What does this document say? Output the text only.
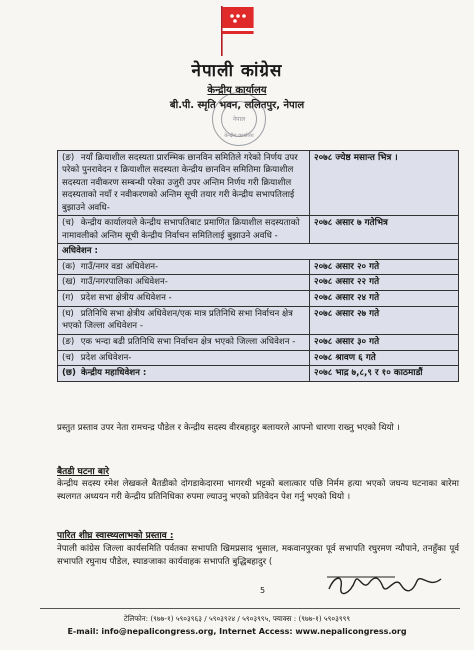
नेपाली कांग्रेस
केन्द्रीय कार्यालय
बी.पी. स्मृति भवन, ललितपुर, नेपाल
नेपाल
केन्द्रीय कार्यालय
(ङ) नयाँ क्रियाशील सदस्यता प्रारम्भिक छानविन समितिले गरेको निर्णय उपर परेको पुनरावेदन र क्रियाशील सदस्यता केन्द्रीय छानविन समितिमा क्रियाशील सदस्यता नवीकरण सम्बन्धी परेका उजुरी उपर अन्तिम निर्णय गरी क्रियाशील सदस्यताको नयाँ र नवीकरणको अन्तिम सूची तयार गरी केन्द्रीय सभापतिलाई बुझाउने अवधि-	२०७८ ज्येष्ठ मसान्त भित्र ।
(च) केन्द्रीय कार्यालयले केन्द्रीय सभापतिबाट प्रमाणित क्रियाशील सदस्यताको नामावलीको अन्तिम सूची केन्द्रीय निर्वाचन समितिलाई बुझाउने अवधि -	२०७८ असार ७ गतेभित्र
अधिवेशन :	
(क) गाउँ/नगर वडा अधिवेशन-	२०७८ असार २० गते
(ख) गाउँ/नगरपालिका अधिवेशन-	२०७८ असार २२ गते
(ग) प्रदेश सभा क्षेत्रीय अधिवेशन -	२०७८ असार २४ गते
(घ) प्रतिनिधि सभा क्षेत्रीय अधिवेशन/एक मात्र प्रतिनिधि सभा निर्वाचन क्षेत्र भएको जिल्ला अधिवेशन -	२०७८ असार २७ गते
(ङ) एक भन्दा बढी प्रतिनिधि सभा निर्वाचन क्षेत्र भएको जिल्ला अधिवेशन -	२०७८ असार ३० गते
(च) प्रदेश अधिवेशन-	२०७८ श्रावण ६ गते
(छ) केन्द्रीय महाधिवेशन :	२०७८ भाद्र ७,८,९ र १० काठमाडौं
प्रस्तुत प्रस्ताव उपर नेता रामचन्द्र पौडेल र केन्द्रीय सदस्य वीरबहादुर बलायरले आफ्नो धारणा राख्नु भएको थियो ।
बैतडी घटना बारे
केन्द्रीय सदस्य रमेश लेखकले बैतडीको दोगडाकेदारमा भागरथी भट्टको बलात्कार पछि निर्मम हत्या भएको जघन्य घटनाका बारेमा स्थलगत अध्ययन गरी केन्द्रीय प्रतिनिधिका रुपमा ल्याउनु भएको प्रतिवेदन पेश गर्नु भएको थियो ।
पारित शीघ्र स्वास्थ्यलाभको प्रस्ताव :
नेपाली कांग्रेस जिल्ला कार्यसमिति पर्वतका सभापति खिमप्रसाद भुसाल, मकवानपुरका पूर्व सभापति रघुरमण न्यौपाने, तनहुँका पूर्व सभापति रघुनाथ पौडेल, स्याङजाका कार्यवाहक सभापति बुद्धिबहादुर (
5
टेलिफोन: (९७७-१) ५९०३९६३ / ५९०३९२४ / ५९०३९९५, फ्याक्स : (९७७-१) ५९०३९९९
E-mail: info@nepalicongress.org, Internet Access: www.nepalicongress.org
